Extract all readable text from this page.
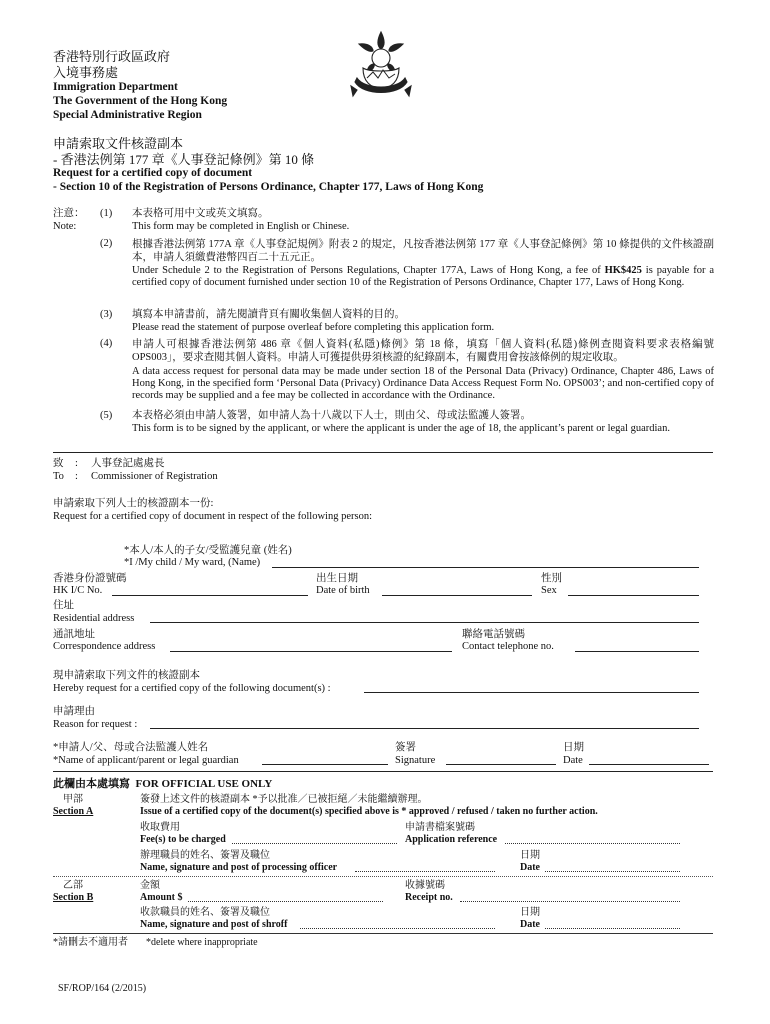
香港特別行政區政府
入境事務處
Immigration Department
The Government of the Hong Kong
Special Administrative Region
申請索取文件核證副本
- 香港法例第 177 章《人事登記條例》第 10 條
Request for a certified copy of document
- Section 10 of the Registration of Persons Ordinance, Chapter 177, Laws of Hong Kong
注意：
Note:
(1) 本表格可用中文或英文填寫。
This form may be completed in English or Chinese.
(2) 根據香港法例第 177A 章《人事登記規例》附表 2 的規定，凡按香港法例第 177 章《人事登記條例》第 10 條提供的文件核證副本，申請人須繳費港幣四百二十五元正。
Under Schedule 2 to the Registration of Persons Regulations, Chapter 177A, Laws of Hong Kong, a fee of HK$425 is payable for a certified copy of document furnished under section 10 of the Registration of Persons Ordinance, Chapter 177, Laws of Hong Kong.
(3) 填寫本申請書前，請先閱讀背頁有關收集個人資料的目的。
Please read the statement of purpose overleaf before completing this application form.
(4) 申請人可根據香港法例第 486 章《個人資料(私隱)條例》第 18 條，填寫「個人資料(私隱)條例查閱資料要求表格編號 OPS003」，要求查閱其個人資料。申請人可獲提供毋須核證的紀錄副本，有關費用會按該條例的規定收取。
A data access request for personal data may be made under section 18 of the Personal Data (Privacy) Ordinance, Chapter 486, Laws of Hong Kong, in the specified form ‘Personal Data (Privacy) Ordinance Data Access Request Form No. OPS003’; and non-certified copy of records may be supplied and a fee may be collected in accordance with the Ordinance.
(5) 本表格必須由申請人簽署，如申請人為十八歲以下人士，則由父、母或法監護人簽署。
This form is to be signed by the applicant, or where the applicant is under the age of 18, the applicant’s parent or legal guardian.
致 : 人事登記處處長
To : Commissioner of Registration
申請索取下列人士的核證副本一份:
Request for a certified copy of document in respect of the following person:
*本人/本人的子女/受監護兒童 (姓名)
*I /My child / My ward, (Name)
香港身份證號碼
HK I/C No.
出生日期
Date of birth
性別
Sex
住址
Residential address
通訊地址
Correspondence address
聯絡電話號碼
Contact telephone no.
現申請索取下列文件的核證副本
Hereby request for a certified copy of the following document(s) :
申請理由
Reason for request :
*申請人/父、母或合法監護人姓名
*Name of applicant/parent or legal guardian
簽署
Signature
日期
Date
此欄由本處填寫 FOR OFFICIAL USE ONLY
甲部
Section A
簽發上述文件的核證副本 *予以批准／已被拒絕／未能繼續辦理。
Issue of a certified copy of the document(s) specified above is * approved / refused / taken no further action.
收取費用
Fee(s) to be charged
申請書檔案號碼
Application reference
辦理職員的姓名、簽署及職位
Name, signature and post of processing officer
日期
Date
乙部
Section B
金額
Amount $
收據號碼
Receipt no.
收款職員的姓名、簽署及職位
Name, signature and post of shroff
日期
Date
*請刪去不適用者 *delete where inappropriate
SF/ROP/164 (2/2015)
